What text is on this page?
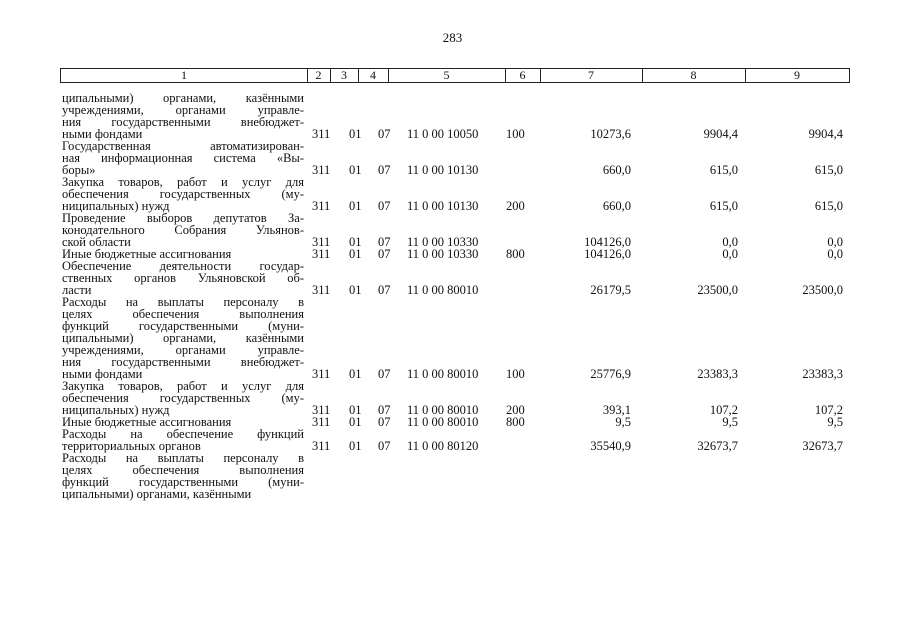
283
1	2	3	4	5	6	7	8	9
ципальными) органами, казёнными
учреждениями, органами управле-
ния государственными внебюджет-
ными фондами	311 01 07 11 0 00 10050 100	10273,6	9904,4	9904,4
Государственная автоматизирован-
ная информационная система «Вы-
боры»	311 01 07 11 0 00 10130	660,0	615,0	615,0
Закупка товаров, работ и услуг для
обеспечения государственных (му-
ниципальных) нужд	311 01 07 11 0 00 10130 200	660,0	615,0	615,0
Проведение выборов депутатов За-
конодательного Собрания Ульянов-
ской области	311 01 07 11 0 00 10330	104126,0	0,0	0,0
Иные бюджетные ассигнования	311 01 07 11 0 00 10330 800	104126,0	0,0	0,0
Обеспечение деятельности государ-
ственных органов Ульяновской об-
ласти	311 01 07 11 0 00 80010	26179,5	23500,0	23500,0
Расходы на выплаты персоналу в
целях обеспечения выполнения
функций государственными (муни-
ципальными) органами, казёнными
учреждениями, органами управле-
ния государственными внебюджет-
ными фондами	311 01 07 11 0 00 80010 100	25776,9	23383,3	23383,3
Закупка товаров, работ и услуг для
обеспечения государственных (му-
ниципальных) нужд	311 01 07 11 0 00 80010 200	393,1	107,2	107,2
Иные бюджетные ассигнования	311 01 07 11 0 00 80010 800	9,5	9,5	9,5
Расходы на обеспечение функций
территориальных органов	311 01 07 11 0 00 80120	35540,9	32673,7	32673,7
Расходы на выплаты персоналу в
целях обеспечения выполнения
функций государственными (муни-
ципальными) органами, казёнными
